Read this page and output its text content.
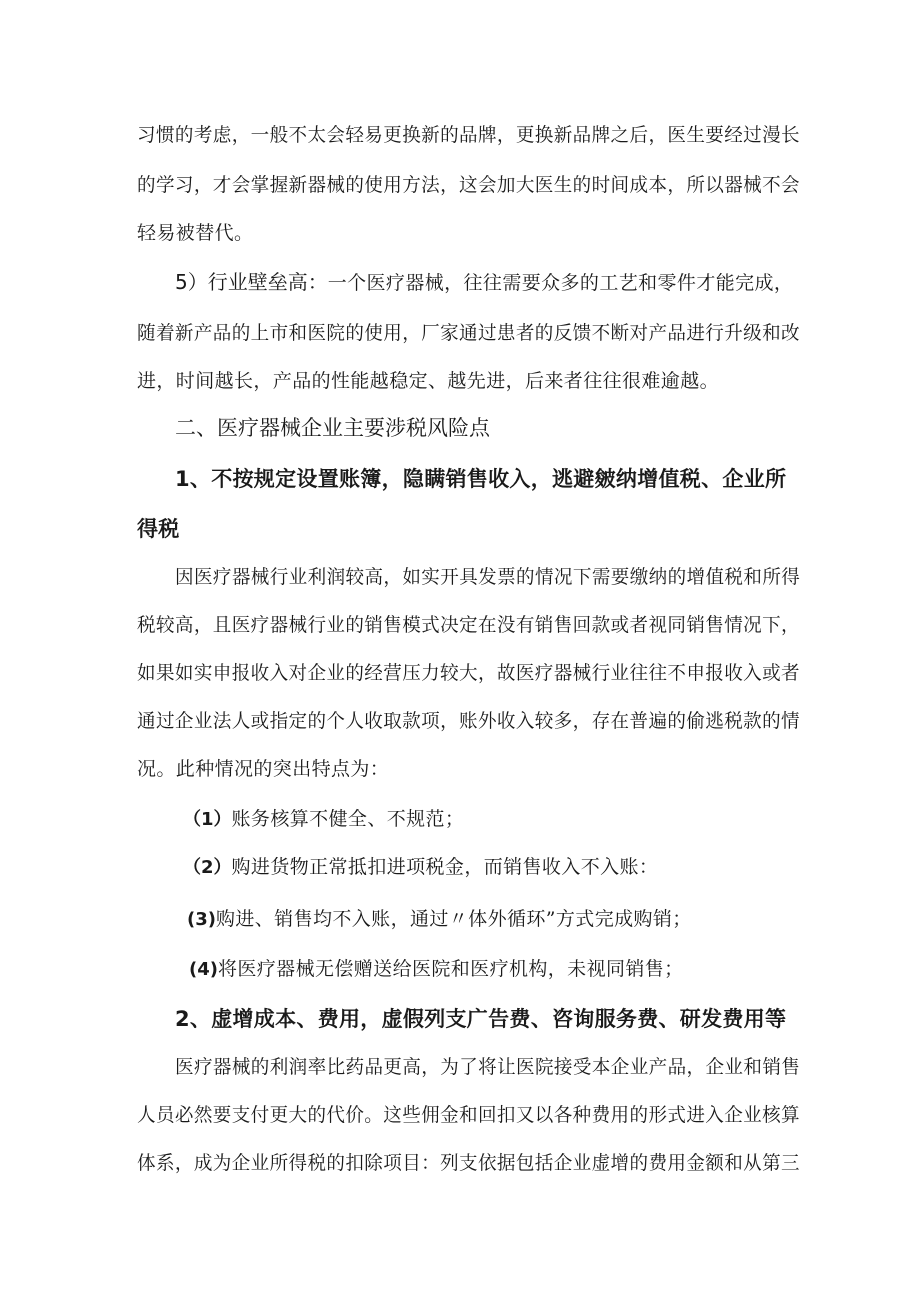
习惯的考虑，一般不太会轻易更换新的品牌，更换新品牌之后，医生要经过漫长
的学习，才会掌握新器械的使用方法，这会加大医生的时间成本，所以器械不会
轻易被替代。
5）行业壁垒高：一个医疗器械，往往需要众多的工艺和零件才能完成，
随着新产品的上市和医院的使用，厂家通过患者的反馈不断对产品进行升级和改
进，时间越长，产品的性能越稳定、越先进，后来者往往很难逾越。
二、医疗器械企业主要涉税风险点
1、不按规定设置账簿，隐瞒销售收入，逃避皴纳增值税、企业所
得税
因医疗器械行业利润较高，如实开具发票的情况下需要缴纳的增值税和所得
税较高，且医疗器械行业的销售模式决定在没有销售回款或者视同销售情况下，
如果如实申报收入对企业的经营压力较大，故医疗器械行业往往不申报收入或者
通过企业法人或指定的个人收取款项，账外收入较多，存在普遍的偷逃税款的情
况。此种情况的突出特点为：
（1）账务核算不健全、不规范；
（2）购进货物正常抵扣进项税金，而销售收入不入账：
(3)购进、销售均不入账，通过〃体外循环”方式完成购销；
(4)将医疗器械无偿赠送给医院和医疗机构，未视同销售；
2、虚增成本、费用，虚假列支广告费、咨询服务费、研发费用等
医疗器械的利润率比药品更高，为了将让医院接受本企业产品，企业和销售
人员必然要支付更大的代价。这些佣金和回扣又以各种费用的形式进入企业核算
体系，成为企业所得税的扣除项目：列支依据包括企业虚增的费用金额和从第三
